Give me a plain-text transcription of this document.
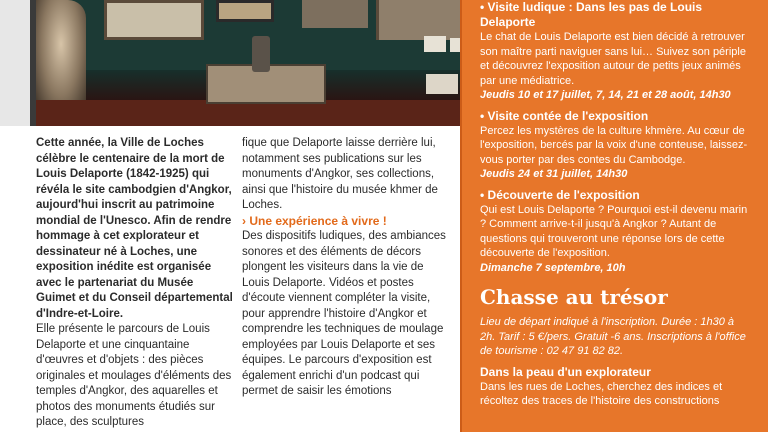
Cette année, la Ville de Loches célèbre le centenaire de la mort de Louis Delaporte (1842-1925) qui révéla le site cambodgien d'Angkor, aujourd'hui inscrit au patrimoine mondial de l'Unesco. Afin de rendre hommage à cet explorateur et dessinateur né à Loches, une exposition inédite est organisée avec le partenariat du Musée Guimet et du Conseil départemental d'Indre-et-Loire.

Elle présente le parcours de Louis Delaporte et une cinquantaine d'œuvres et d'objets : des pièces originales et moulages d'éléments des temples d'Angkor, des aquarelles et photos des monuments étudiés sur place, des sculptures

fique que Delaporte laisse derrière lui, notamment ses publications sur les monuments d'Angkor, ses collections, ainsi que l'histoire du musée khmer de Loches.

› Une expérience à vivre !

Des dispositifs ludiques, des ambiances sonores et des éléments de décors plongent les visiteurs dans la vie de Louis Delaporte. Vidéos et postes d'écoute viennent compléter la visite, pour apprendre l'histoire d'Angkor et comprendre les techniques de moulage employées par Louis Delaporte et ses équipes. Le parcours d'exposition est également enrichi d'un podcast qui permet de saisir les émotions

• Visite ludique : Dans les pas de Louis Delaporte

Le chat de Louis Delaporte est bien décidé à retrouver son maître parti naviguer sans lui… Suivez son périple et découvrez l'exposition autour de petits jeux animés par une médiatrice.

Jeudis 10 et 17 juillet, 7, 14, 21 et 28 août, 14h30

• Visite contée de l'exposition

Percez les mystères de la culture khmère. Au cœur de l'exposition, bercés par la voix d'une conteuse, laissez-vous porter par des contes du Cambodge.

Jeudis 24 et 31 juillet, 14h30

• Découverte de l'exposition

Qui est Louis Delaporte ? Pourquoi est-il devenu marin ? Comment arrive-t-il jusqu'à Angkor ? Autant de questions qui trouveront une réponse lors de cette découverte de l'exposition.

Dimanche 7 septembre, 10h

Chasse au trésor

Lieu de départ indiqué à l'inscription. Durée : 1h30 à 2h. Tarif : 5 €/pers. Gratuit -6 ans. Inscriptions à l'office de tourisme : 02 47 91 82 82.

Dans la peau d'un explorateur

Dans les rues de Loches, cherchez des indices et récoltez des traces de l'histoire des constructions
